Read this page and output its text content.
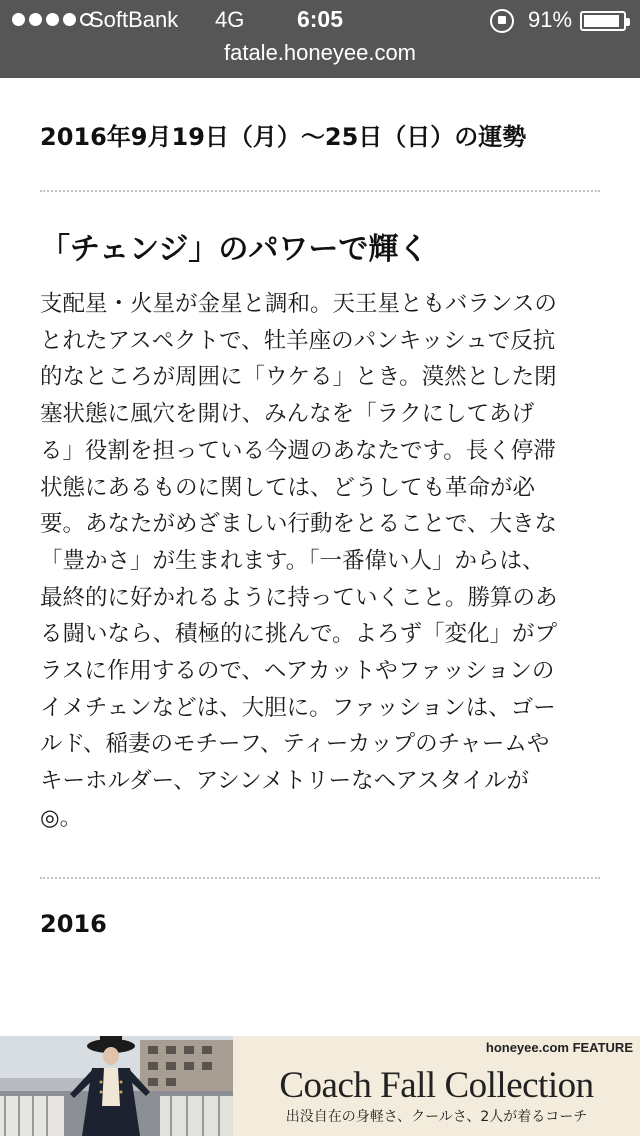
SoftBank 4G	6:05	91%
fatale.honeyee.com
2016年9月19日（月）〜25日（日）の運勢
「チェンジ」のパワーで輝く
支配星・火星が金星と調和。天王星ともバランスの
とれたアスペクトで、牡羊座のパンキッシュで反抗
的なところが周囲に「ウケる」とき。漠然とした閉
塞状態に風穴を開け、みんなを「ラクにしてあげ
る」役割を担っている今週のあなたです。長く停滞
状態にあるものに関しては、どうしても革命が必
要。あなたがめざましい行動をとることで、大きな
「豊かさ」が生まれます。「一番偉い人」からは、
最終的に好かれるように持っていくこと。勝算のあ
る闘いなら、積極的に挑んで。よろず「変化」がプ
ラスに作用するので、ヘアカットやファッションの
イメチェンなどは、大胆に。ファッションは、ゴー
ルド、稲妻のモチーフ、ティーカップのチャームや
キーホルダー、アシンメトリーなヘアスタイルが
◎。
2016
honeyee.com FEATURE
Coach Fall Collection
出没自在の身軽さ、クールさ、2人が着るコーチ
